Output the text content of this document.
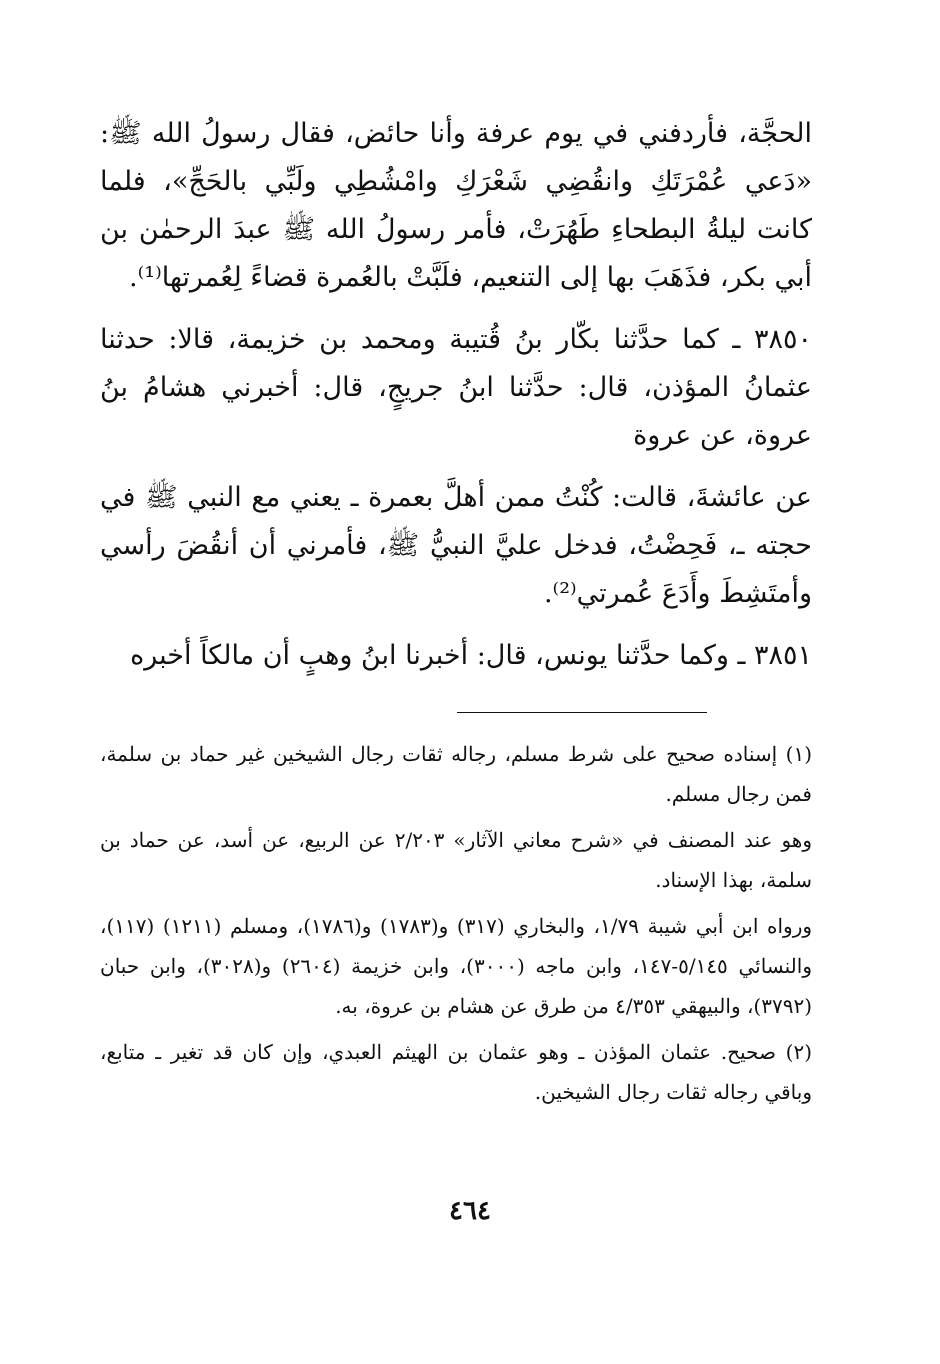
الحجَّة، فأردفني في يوم عرفة وأنا حائض، فقال رسولُ الله ﷺ: «دَعي عُمْرَتَكِ وانقُضِي شَعْرَكِ وامْشُطِي ولَبِّي بالحَجِّ»، فلما كانت ليلةُ البطحاءِ طَهُرَتْ، فأمر رسولُ الله ﷺ عبدَ الرحمٰن بن أبي بكر، فذَهَبَ بها إلى التنعيم، فلَبَّتْ بالعُمرة قضاءً لِعُمرتها⁽¹⁾.

٣٨٥٠ ـ كما حدَّثنا بكّار بنُ قُتيبة ومحمد بن خزيمة، قالا: حدثنا عثمانُ المؤذن، قال: حدَّثنا ابنُ جريجٍ، قال: أخبرني هشامُ بنُ عروة، عن عروة

عن عائشةَ، قالت: كُنْتُ ممن أهلَّ بعمرة ـ يعني مع النبي ﷺ في حجته ـ، فَحِضْتُ، فدخل عليَّ النبيُّ ﷺ، فأمرني أن أنقُضَ رأسي وأمتَشِطَ وأَدَعَ عُمرتي⁽²⁾.

٣٨٥١ ـ وكما حدَّثنا يونس، قال: أخبرنا ابنُ وهبٍ أن مالكاً أخبره

(١) إسناده صحيح على شرط مسلم، رجاله ثقات رجال الشيخين غير حماد بن سلمة، فمن رجال مسلم.

وهو عند المصنف في «شرح معاني الآثار» ٢/٢٠٣ عن الربيع، عن أسد، عن حماد بن سلمة، بهذا الإسناد.

ورواه ابن أبي شيبة ١/٧٩، والبخاري (٣١٧) و(١٧٨٣) و(١٧٨٦)، ومسلم (١٢١١) (١١٧)، والنسائي ٥/١٤٥-١٤٧، وابن ماجه (٣٠٠٠)، وابن خزيمة (٢٦٠٤) و(٣٠٢٨)، وابن حبان (٣٧٩٢)، والبيهقي ٤/٣٥٣ من طرق عن هشام بن عروة، به.

(٢) صحيح. عثمان المؤذن ـ وهو عثمان بن الهيثم العبدي، وإن كان قد تغير ـ متابع، وباقي رجاله ثقات رجال الشيخين.

٤٦٤
